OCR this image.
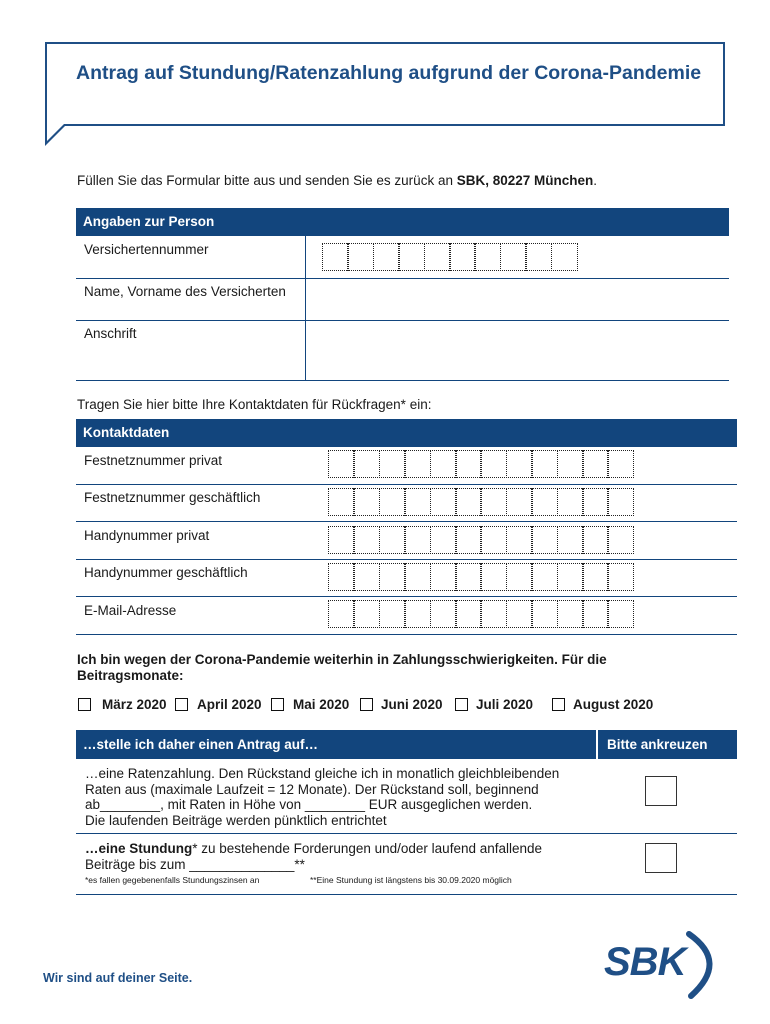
Antrag auf Stundung/Ratenzahlung aufgrund der Corona-Pandemie
Füllen Sie das Formular bitte aus und senden Sie es zurück an SBK, 80227 München.
Angaben zur Person
Versichertennummer
Name, Vorname des Versicherten
Anschrift
Tragen Sie hier bitte Ihre Kontaktdaten für Rückfragen* ein:
Kontaktdaten
Festnetznummer privat
Festnetznummer geschäftlich
Handynummer privat
Handynummer geschäftlich
E-Mail-Adresse
Ich bin wegen der Corona-Pandemie weiterhin in Zahlungsschwierigkeiten. Für die Beitragsmonate:
März 2020 April 2020 Mai 2020 Juni 2020 Juli 2020	August 2020
…stelle ich daher einen Antrag auf…	Bitte ankreuzen
…eine Ratenzahlung. Den Rückstand gleiche ich in monatlich gleichbleibenden
Raten aus (maximale Laufzeit = 12 Monate). Der Rückstand soll, beginnend
ab________, mit Raten in Höhe von ________ EUR ausgeglichen werden.
Die laufenden Beiträge werden pünktlich entrichtet
…eine Stundung* zu bestehende Forderungen und/oder laufend anfallende
Beiträge bis zum ______________**
*es fallen gegebenenfalls Stundungszinsen an	**Eine Stundung ist längstens bis 30.09.2020 möglich
Wir sind auf deiner Seite.	SBK
